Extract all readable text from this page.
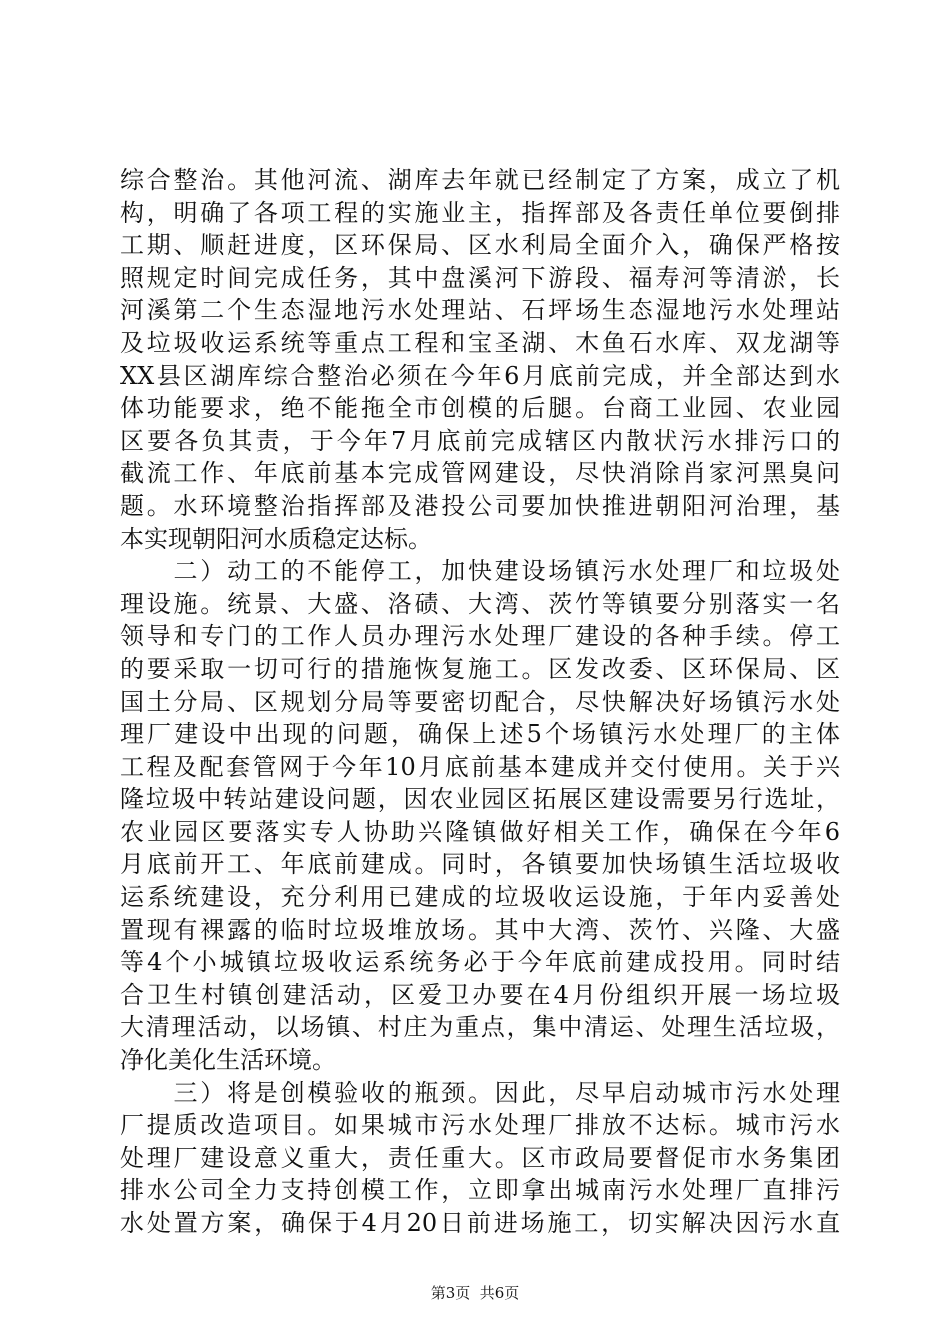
综合整治。其他河流、湖库去年就已经制定了方案，成立了机
构，明确了各项工程的实施业主，指挥部及各责任单位要倒排
工期、顺赶进度，区环保局、区水利局全面介入，确保严格按
照规定时间完成任务，其中盘溪河下游段、福寿河等清淤，长
河溪第二个生态湿地污水处理站、石坪场生态湿地污水处理站
及垃圾收运系统等重点工程和宝圣湖、木鱼石水库、双龙湖等
XX县区湖库综合整治必须在今年6月底前完成，并全部达到水
体功能要求，绝不能拖全市创模的后腿。台商工业园、农业园
区要各负其责，于今年7月底前完成辖区内散状污水排污口的
截流工作、年底前基本完成管网建设，尽快消除肖家河黑臭问
题。水环境整治指挥部及港投公司要加快推进朝阳河治理，基
本实现朝阳河水质稳定达标。
　　二）动工的不能停工，加快建设场镇污水处理厂和垃圾处
理设施。统景、大盛、洛碛、大湾、茨竹等镇要分别落实一名
领导和专门的工作人员办理污水处理厂建设的各种手续。停工
的要采取一切可行的措施恢复施工。区发改委、区环保局、区
国土分局、区规划分局等要密切配合，尽快解决好场镇污水处
理厂建设中出现的问题，确保上述5个场镇污水处理厂的主体
工程及配套管网于今年10月底前基本建成并交付使用。关于兴
隆垃圾中转站建设问题，因农业园区拓展区建设需要另行选址，
农业园区要落实专人协助兴隆镇做好相关工作，确保在今年6
月底前开工、年底前建成。同时，各镇要加快场镇生活垃圾收
运系统建设，充分利用已建成的垃圾收运设施，于年内妥善处
置现有裸露的临时垃圾堆放场。其中大湾、茨竹、兴隆、大盛
等4个小城镇垃圾收运系统务必于今年底前建成投用。同时结
合卫生村镇创建活动，区爱卫办要在4月份组织开展一场垃圾
大清理活动，以场镇、村庄为重点，集中清运、处理生活垃圾，
净化美化生活环境。
　　三）将是创模验收的瓶颈。因此，尽早启动城市污水处理
厂提质改造项目。如果城市污水处理厂排放不达标。城市污水
处理厂建设意义重大，责任重大。区市政局要督促市水务集团
排水公司全力支持创模工作，立即拿出城南污水处理厂直排污
水处置方案，确保于4月20日前进场施工，切实解决因污水直
第3页  共6页
